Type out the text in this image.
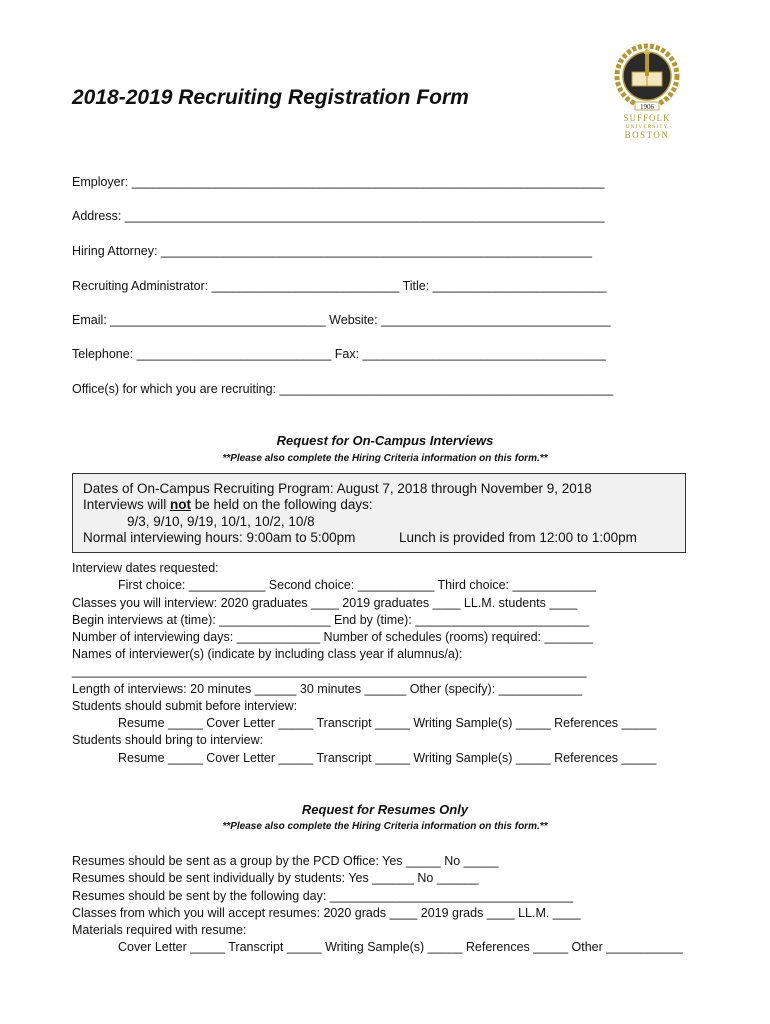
2018-2019 Recruiting Registration Form	1906
SUFFOLK
UNIVERSITY
BOSTON
Employer: ____________________________________________________________________
Address: _____________________________________________________________________
Hiring Attorney: ______________________________________________________________
Recruiting Administrator: ___________________________ Title: _________________________
Email: _______________________________ Website: _________________________________
Telephone: ____________________________ Fax: ___________________________________
Office(s) for which you are recruiting: ________________________________________________
Request for On-Campus Interviews
**Please also complete the Hiring Criteria information on this form.**
Dates of On-Campus Recruiting Program: August 7, 2018 through November 9, 2018
Interviews will not be held on the following days:
9/3, 9/10, 9/19, 10/1, 10/2, 10/8
Normal interviewing hours: 9:00am to 5:00pm	Lunch is provided from 12:00 to 1:00pm
Interview dates requested:
First choice: ___________ Second choice: ___________ Third choice: ____________
Classes you will interview: 2020 graduates ____ 2019 graduates ____ LL.M. students ____
Begin interviews at (time): ________________ End by (time): _________________________
Number of interviewing days: ____________ Number of schedules (rooms) required: _______
Names of interviewer(s) (indicate by including class year if alumnus/a):
__________________________________________________________________________
Length of interviews: 20 minutes ______ 30 minutes ______ Other (specify): ____________
Students should submit before interview:
Resume _____ Cover Letter _____ Transcript _____ Writing Sample(s) _____ References _____
Students should bring to interview:
Resume _____ Cover Letter _____ Transcript _____ Writing Sample(s) _____ References _____
Request for Resumes Only
**Please also complete the Hiring Criteria information on this form.**
Resumes should be sent as a group by the PCD Office: Yes _____ No _____
Resumes should be sent individually by students: Yes ______ No ______
Resumes should be sent by the following day: ___________________________________
Classes from which you will accept resumes: 2020 grads ____ 2019 grads ____ LL.M. ____
Materials required with resume:
Cover Letter _____ Transcript _____ Writing Sample(s) _____ References _____ Other ___________
